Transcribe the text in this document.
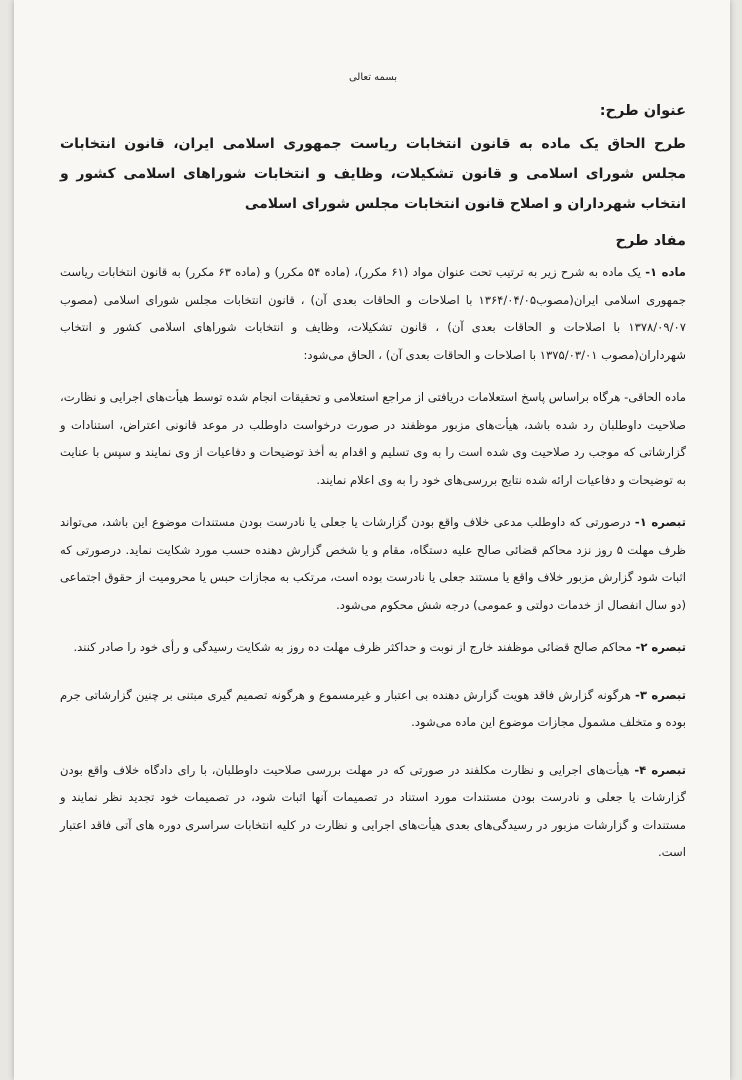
بسمه تعالی
عنوان طرح:
طرح الحاق یک ماده به قانون انتخابات ریاست جمهوری اسلامی ایران، قانون انتخابات مجلس شورای اسلامی و قانون تشکیلات، وظایف و انتخابات شوراهای اسلامی کشور و انتخاب شهرداران و اصلاح قانون انتخابات مجلس شورای اسلامی
مفاد طرح

ماده ۱- یک ماده به شرح زیر به ترتیب تحت عنوان مواد (۶۱ مکرر)، (ماده ۵۴ مکرر) و (ماده ۶۳ مکرر) به قانون انتخابات ریاست جمهوری اسلامی ایران(مصوب۱۳۶۴/۰۴/۰۵ با اصلاحات و الحاقات بعدی آن) ، قانون انتخابات مجلس شورای اسلامی (مصوب ۱۳۷۸/۰۹/۰۷ با اصلاحات و الحاقات بعدی آن) ، قانون تشکیلات، وظایف و انتخابات شوراهای اسلامی کشور و انتخاب شهرداران(مصوب ۱۳۷۵/۰۳/۰۱ با اصلاحات و الحاقات بعدی آن) ، الحاق می‌شود:

ماده الحاقی- هرگاه براساس پاسخ استعلامات دریافتی از مراجع استعلامی و تحقیقات انجام شده توسط هیأت‌های اجرایی و نظارت، صلاحیت داوطلبان رد شده باشد، هیأت‌های مزبور موظفند در صورت درخواست داوطلب در موعد قانونی اعتراض، استنادات و گزارشاتی که موجب رد صلاحیت وی شده است را به وی تسلیم و اقدام به أخذ توضیحات و دفاعیات از وی نمایند و سپس با عنایت به توضیحات و دفاعیات ارائه شده نتایج بررسی‌های خود را به وی اعلام نمایند.

تبصره ۱- درصورتی که داوطلب مدعی خلاف واقع بودن گزارشات یا جعلی یا نادرست بودن مستندات موضوع این باشد، می‌تواند ظرف مهلت ۵ روز نزد محاکم قضائی صالح علیه دستگاه، مقام و یا شخص گزارش دهنده حسب مورد شکایت نماید. درصورتی که اثبات شود گزارش مزبور خلاف واقع یا مستند جعلی یا نادرست بوده است، مرتکب به مجازات حبس یا محرومیت از حقوق اجتماعی (دو سال انفصال از خدمات دولتی و عمومی) درجه شش محکوم می‌شود.

تبصره ۲- محاکم صالح قضائی موظفند خارج از نوبت و حداکثر ظرف مهلت ده روز به شکایت رسیدگی و رأی خود را صادر کنند.

تبصره ۳- هرگونه گزارش فاقد هویت گزارش دهنده بی اعتبار و غیرمسموع و هرگونه تصمیم گیری مبتنی بر چنین گزارشاتی جرم بوده و متخلف مشمول مجازات موضوع این ماده می‌شود.

تبصره ۴- هیأت‌های اجرایی و نظارت مکلفند در صورتی که در مهلت بررسی صلاحیت داوطلبان، با رای دادگاه خلاف واقع بودن گزارشات یا جعلی و نادرست بودن مستندات مورد استناد در تصمیمات آنها اثبات شود، در تصمیمات خود تجدید نظر نمایند و مستندات و گزارشات مزبور در رسیدگی‌های بعدی هیأت‌های اجرایی و نظارت در کلیه انتخابات سراسری دوره های آتی فاقد اعتبار است.
